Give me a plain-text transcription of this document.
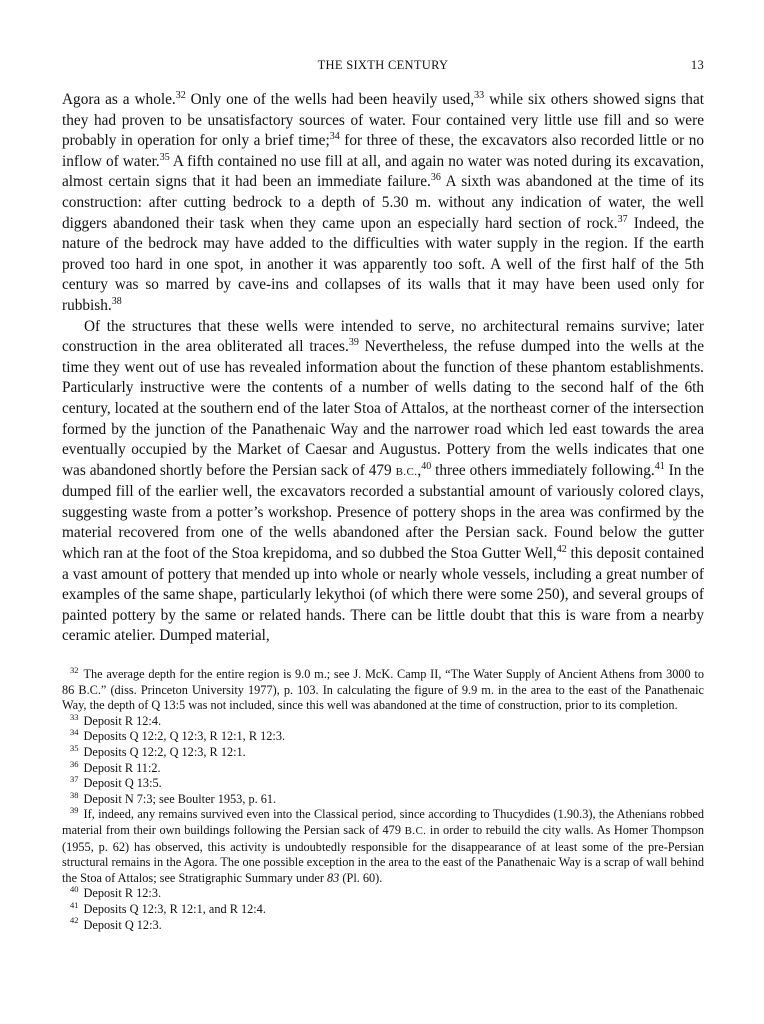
THE SIXTH CENTURY	13

Agora as a whole.$^{32}$ Only one of the wells had been heavily used,$^{33}$ while six others showed signs that they had proven to be unsatisfactory sources of water. Four contained very little use fill and so were probably in operation for only a brief time;$^{34}$ for three of these, the excavators also recorded little or no inflow of water.$^{35}$ A fifth contained no use fill at all, and again no water was noted during its excavation, almost certain signs that it had been an immediate failure.$^{36}$ A sixth was abandoned at the time of its construction: after cutting bedrock to a depth of 5.30 m. without any indication of water, the well diggers abandoned their task when they came upon an especially hard section of rock.$^{37}$ Indeed, the nature of the bedrock may have added to the difficulties with water supply in the region. If the earth proved too hard in one spot, in another it was apparently too soft. A well of the first half of the 5th century was so marred by cave-ins and collapses of its walls that it may have been used only for rubbish.$^{38}$

Of the structures that these wells were intended to serve, no architectural remains survive; later construction in the area obliterated all traces.$^{39}$ Nevertheless, the refuse dumped into the wells at the time they went out of use has revealed information about the function of these phantom establishments. Particularly instructive were the contents of a number of wells dating to the second half of the 6th century, located at the southern end of the later Stoa of Attalos, at the northeast corner of the intersection formed by the junction of the Panathenaic Way and the narrower road which led east towards the area eventually occupied by the Market of Caesar and Augustus. Pottery from the wells indicates that one was abandoned shortly before the Persian sack of 479 B.C.,$^{40}$ three others immediately following.$^{41}$ In the dumped fill of the earlier well, the excavators recorded a substantial amount of variously colored clays, suggesting waste from a potter’s workshop. Presence of pottery shops in the area was confirmed by the material recovered from one of the wells abandoned after the Persian sack. Found below the gutter which ran at the foot of the Stoa krepidoma, and so dubbed the Stoa Gutter Well,$^{42}$ this deposit contained a vast amount of pottery that mended up into whole or nearly whole vessels, including a great number of examples of the same shape, particularly lekythoi (of which there were some 250), and several groups of painted pottery by the same or related hands. There can be little doubt that this is ware from a nearby ceramic atelier. Dumped material,

$^{32}$ The average depth for the entire region is 9.0 m.; see J. McK. Camp II, “The Water Supply of Ancient Athens from 3000 to 86 B.C.” (diss. Princeton University 1977), p. 103. In calculating the figure of 9.9 m. in the area to the east of the Panathenaic Way, the depth of Q 13:5 was not included, since this well was abandoned at the time of construction, prior to its completion.

$^{33}$ Deposit R 12:4.

$^{34}$ Deposits Q 12:2, Q 12:3, R 12:1, R 12:3.

$^{35}$ Deposits Q 12:2, Q 12:3, R 12:1.

$^{36}$ Deposit R 11:2.

$^{37}$ Deposit Q 13:5.

$^{38}$ Deposit N 7:3; see Boulter 1953, p. 61.

$^{39}$ If, indeed, any remains survived even into the Classical period, since according to Thucydides (1.90.3), the Athenians robbed material from their own buildings following the Persian sack of 479 B.C. in order to rebuild the city walls. As Homer Thompson (1955, p. 62) has observed, this activity is undoubtedly responsible for the disappearance of at least some of the pre-Persian structural remains in the Agora. The one possible exception in the area to the east of the Panathenaic Way is a scrap of wall behind the Stoa of Attalos; see Stratigraphic Summary under 83 (Pl. 60).

$^{40}$ Deposit R 12:3.

$^{41}$ Deposits Q 12:3, R 12:1, and R 12:4.

$^{42}$ Deposit Q 12:3.
